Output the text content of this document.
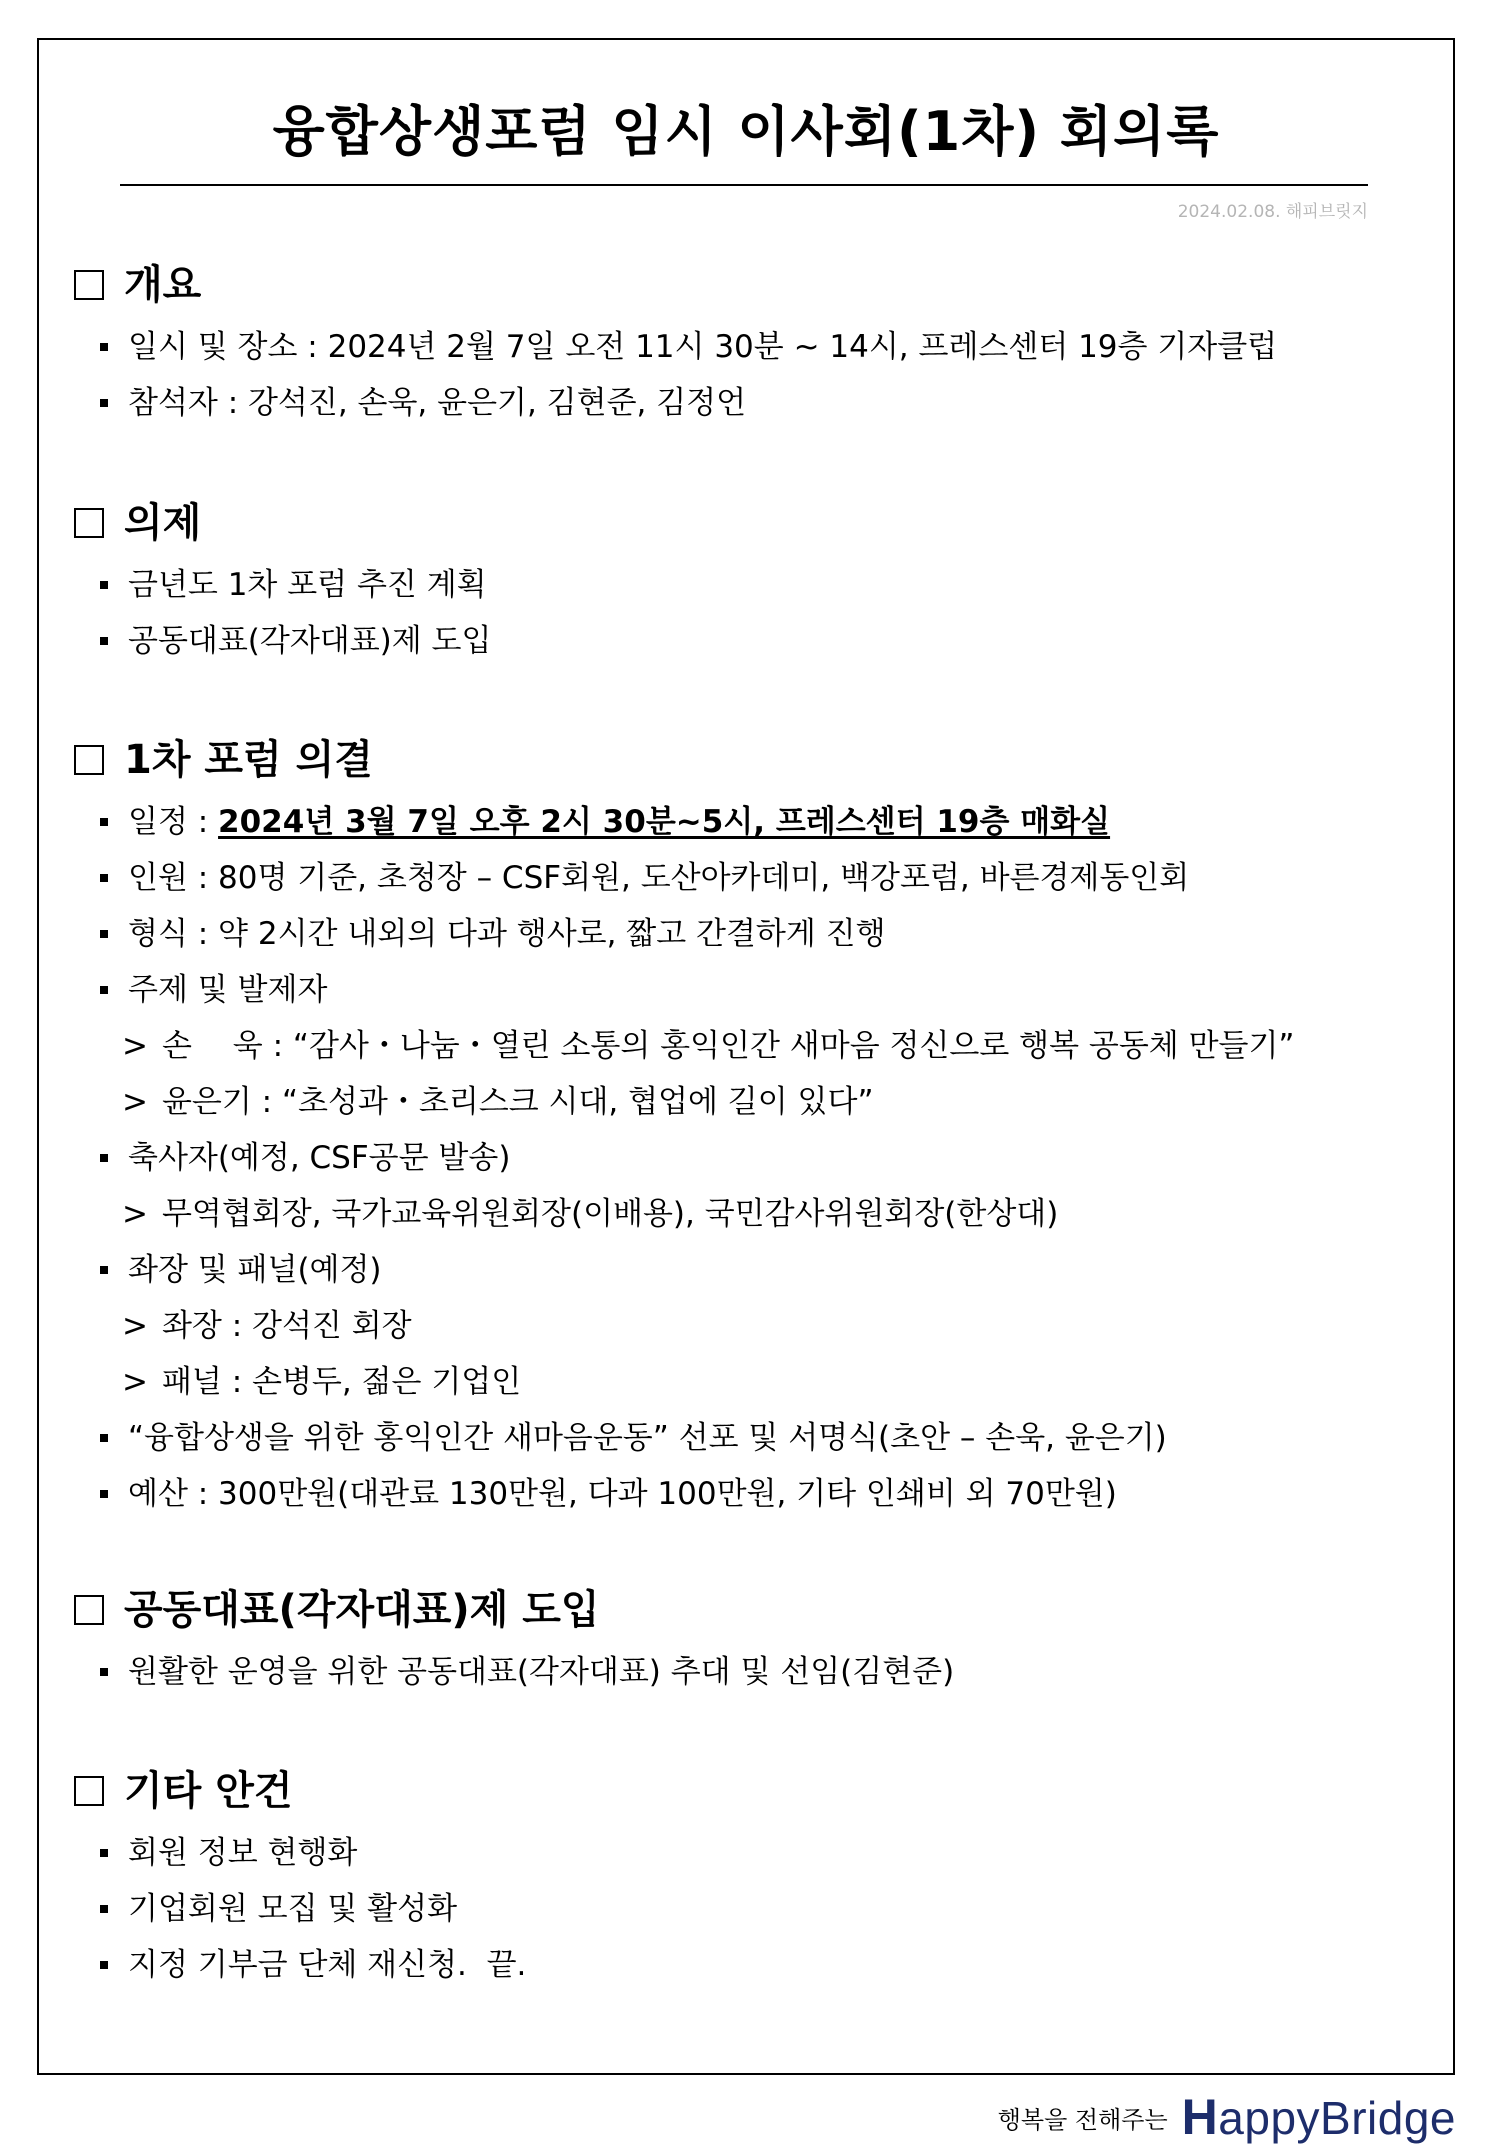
융합상생포럼 임시 이사회(1차) 회의록
2024.02.08. 해피브릿지
개요
일시 및 장소 : 2024년 2월 7일 오전 11시 30분 ~ 14시, 프레스센터 19층 기자클럽
참석자 : 강석진, 손욱, 윤은기, 김현준, 김정언
의제
금년도 1차 포럼 추진 계획
공동대표(각자대표)제 도입
1차 포럼 의결
일정 : 2024년 3월 7일 오후 2시 30분~5시, 프레스센터 19층 매화실
인원 : 80명 기준, 초청장 – CSF회원, 도산아카데미, 백강포럼, 바른경제동인회
형식 : 약 2시간 내외의 다과 행사로, 짧고 간결하게 진행
주제 및 발제자
> 손　 욱 : “감사・나눔・열린 소통의 홍익인간 새마음 정신으로 행복 공동체 만들기”
> 윤은기 : “초성과・초리스크 시대, 협업에 길이 있다”
축사자(예정, CSF공문 발송)
> 무역협회장, 국가교육위원회장(이배용), 국민감사위원회장(한상대)
좌장 및 패널(예정)
> 좌장 : 강석진 회장
> 패널 : 손병두, 젊은 기업인
“융합상생을 위한 홍익인간 새마음운동” 선포 및 서명식(초안 – 손욱, 윤은기)
예산 : 300만원(대관료 130만원, 다과 100만원, 기타 인쇄비 외 70만원)
공동대표(각자대표)제 도입
원활한 운영을 위한 공동대표(각자대표) 추대 및 선임(김현준)
기타 안건
회원 정보 현행화
기업회원 모집 및 활성화
지정 기부금 단체 재신청.  끝.
행복을 전해주는 HappyBridge
